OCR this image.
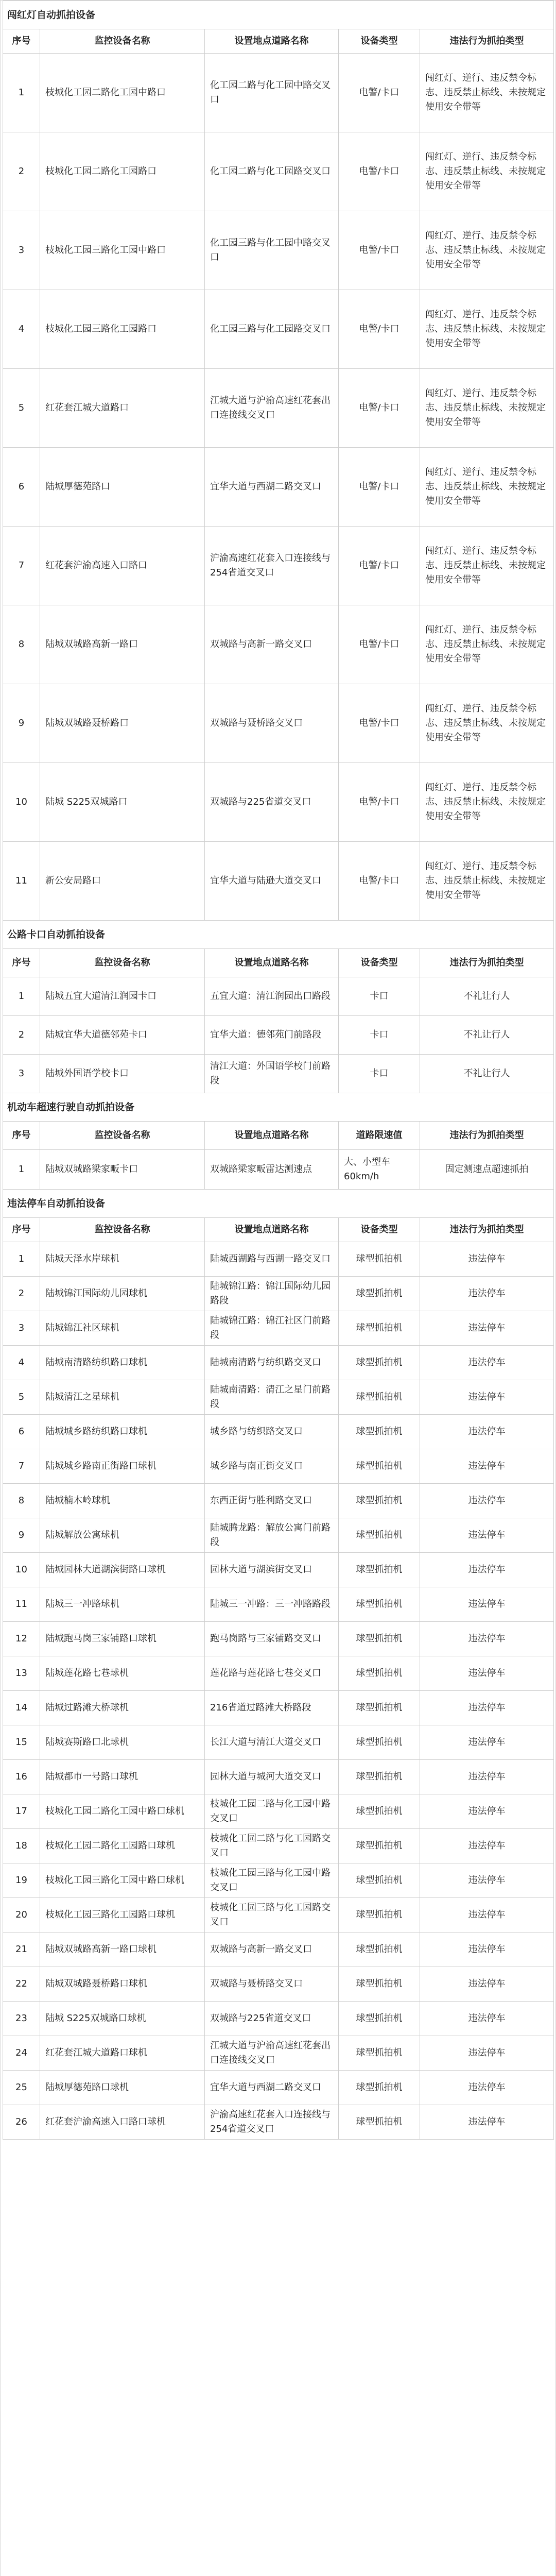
闯红灯自动抓拍设备				
序号	监控设备名称	设置地点道路名称	设备类型	违法行为抓拍类型
1	枝城化工园二路化工园中路口	化工园二路与化工园中路交叉口	电警/卡口	闯红灯、逆行、违反禁令标志、违反禁止标线、未按规定使用安全带等
2	枝城化工园二路化工园路口	化工园二路与化工园路交叉口	电警/卡口	闯红灯、逆行、违反禁令标志、违反禁止标线、未按规定使用安全带等
3	枝城化工园三路化工园中路口	化工园三路与化工园中路交叉口	电警/卡口	闯红灯、逆行、违反禁令标志、违反禁止标线、未按规定使用安全带等
4	枝城化工园三路化工园路口	化工园三路与化工园路交叉口	电警/卡口	闯红灯、逆行、违反禁令标志、违反禁止标线、未按规定使用安全带等
5	红花套江城大道路口	江城大道与沪渝高速红花套出口连接线交叉口	电警/卡口	闯红灯、逆行、违反禁令标志、违反禁止标线、未按规定使用安全带等
6	陆城厚德苑路口	宜华大道与西湖二路交叉口	电警/卡口	闯红灯、逆行、违反禁令标志、违反禁止标线、未按规定使用安全带等
7	红花套沪渝高速入口路口	沪渝高速红花套入口连接线与254省道交叉口	电警/卡口	闯红灯、逆行、违反禁令标志、违反禁止标线、未按规定使用安全带等
8	陆城双城路高新一路口	双城路与高新一路交叉口	电警/卡口	闯红灯、逆行、违反禁令标志、违反禁止标线、未按规定使用安全带等
9	陆城双城路聂桥路口	双城路与聂桥路交叉口	电警/卡口	闯红灯、逆行、违反禁令标志、违反禁止标线、未按规定使用安全带等
10	陆城 S225双城路口	双城路与225省道交叉口	电警/卡口	闯红灯、逆行、违反禁令标志、违反禁止标线、未按规定使用安全带等
11	新公安局路口	宜华大道与陆逊大道交叉口	电警/卡口	闯红灯、逆行、违反禁令标志、违反禁止标线、未按规定使用安全带等
公路卡口自动抓拍设备				
序号	监控设备名称	设置地点道路名称	设备类型	违法行为抓拍类型
1	陆城五宜大道清江润园卡口	五宜大道：清江润园出口路段	卡口	不礼让行人
2	陆城宜华大道德邻苑卡口	宜华大道：德邻苑门前路段	卡口	不礼让行人
3	陆城外国语学校卡口	清江大道：外国语学校门前路段	卡口	不礼让行人
机动车超速行驶自动抓拍设备				
序号	监控设备名称	设置地点道路名称	道路限速值	违法行为抓拍类型
1	陆城双城路梁家畈卡口	双城路梁家畈雷达测速点	大、小型车60km/h	固定测速点超速抓拍
违法停车自动抓拍设备				
序号	监控设备名称	设置地点道路名称	设备类型	违法行为抓拍类型
1	陆城天泽水岸球机	陆城西湖路与西湖一路交叉口	球型抓拍机	违法停车
2	陆城锦江国际幼儿园球机	陆城锦江路：锦江国际幼儿园路段	球型抓拍机	违法停车
3	陆城锦江社区球机	陆城锦江路：锦江社区门前路段	球型抓拍机	违法停车
4	陆城南清路纺织路口球机	陆城南清路与纺织路交叉口	球型抓拍机	违法停车
5	陆城清江之星球机	陆城南清路：清江之星门前路段	球型抓拍机	违法停车
6	陆城城乡路纺织路口球机	城乡路与纺织路交叉口	球型抓拍机	违法停车
7	陆城城乡路南正街路口球机	城乡路与南正街交叉口	球型抓拍机	违法停车
8	陆城楠木岭球机	东西正街与胜利路交叉口	球型抓拍机	违法停车
9	陆城解放公寓球机	陆城腾龙路：解放公寓门前路段	球型抓拍机	违法停车
10	陆城园林大道湖滨街路口球机	园林大道与湖滨街交叉口	球型抓拍机	违法停车
11	陆城三一冲路球机	陆城三一冲路：三一冲路路段	球型抓拍机	违法停车
12	陆城跑马岗三家铺路口球机	跑马岗路与三家铺路交叉口	球型抓拍机	违法停车
13	陆城莲花路七巷球机	莲花路与莲花路七巷交叉口	球型抓拍机	违法停车
14	陆城过路滩大桥球机	216省道过路滩大桥路段	球型抓拍机	违法停车
15	陆城赛斯路口北球机	长江大道与清江大道交叉口	球型抓拍机	违法停车
16	陆城都市一号路口球机	园林大道与城河大道交叉口	球型抓拍机	违法停车
17	枝城化工园二路化工园中路口球机	枝城化工园二路与化工园中路交叉口	球型抓拍机	违法停车
18	枝城化工园二路化工园路口球机	枝城化工园二路与化工园路交叉口	球型抓拍机	违法停车
19	枝城化工园三路化工园中路口球机	枝城化工园三路与化工园中路交叉口	球型抓拍机	违法停车
20	枝城化工园三路化工园路口球机	枝城化工园三路与化工园路交叉口	球型抓拍机	违法停车
21	陆城双城路高新一路口球机	双城路与高新一路交叉口	球型抓拍机	违法停车
22	陆城双城路聂桥路口球机	双城路与聂桥路交叉口	球型抓拍机	违法停车
23	陆城 S225双城路口球机	双城路与225省道交叉口	球型抓拍机	违法停车
24	红花套江城大道路口球机	江城大道与沪渝高速红花套出口连接线交叉口	球型抓拍机	违法停车
25	陆城厚德苑路口球机	宜华大道与西湖二路交叉口	球型抓拍机	违法停车
26	红花套沪渝高速入口路口球机	沪渝高速红花套入口连接线与254省道交叉口	球型抓拍机	违法停车
